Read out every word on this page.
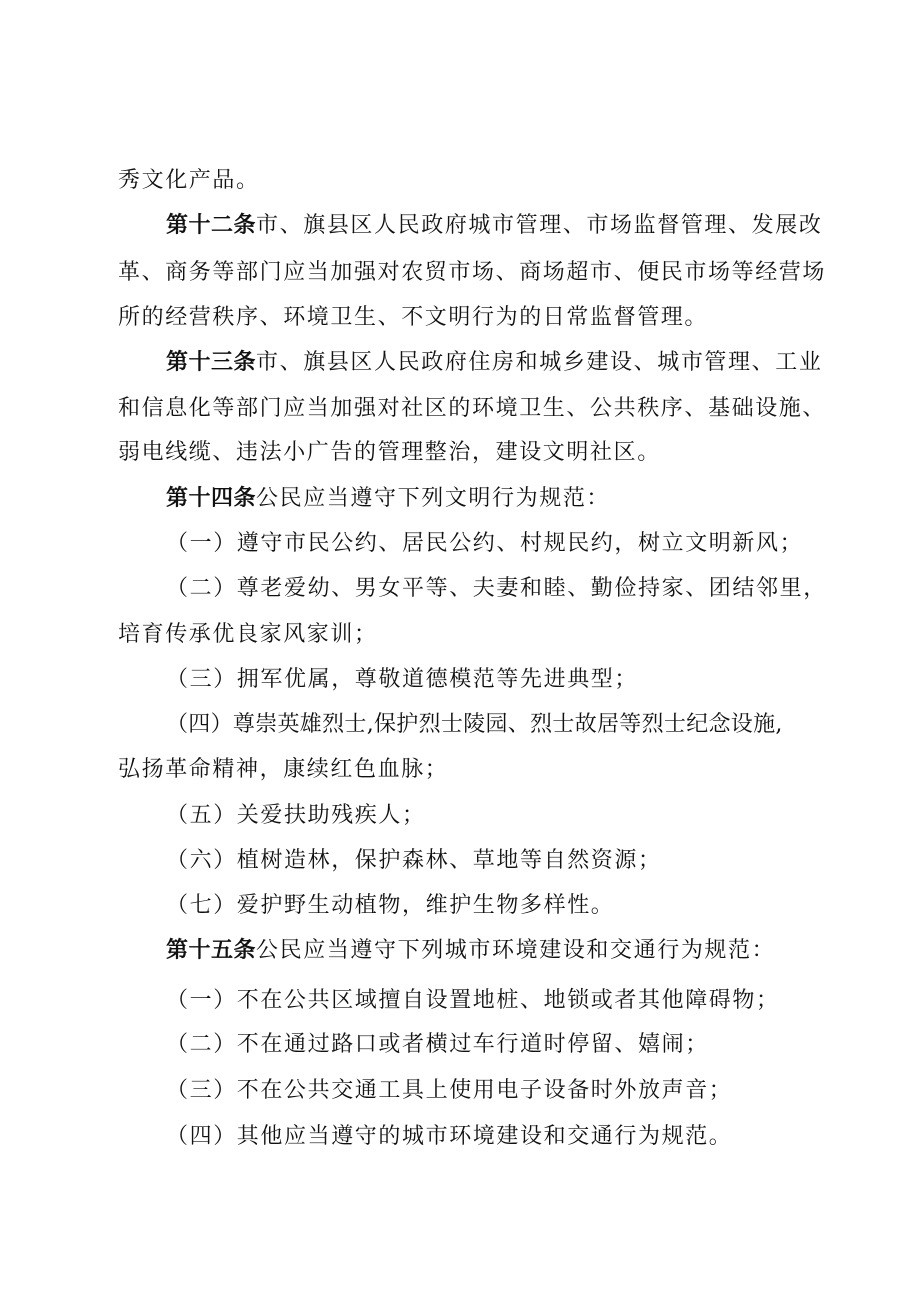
秀文化产品。
第十二条市、旗县区人民政府城市管理、市场监督管理、发展改
革、商务等部门应当加强对农贸市场、商场超市、便民市场等经营场
所的经营秩序、环境卫生、不文明行为的日常监督管理。
第十三条市、旗县区人民政府住房和城乡建设、城市管理、工业
和信息化等部门应当加强对社区的环境卫生、公共秩序、基础设施、
弱电线缆、违法小广告的管理整治，建设文明社区。
第十四条公民应当遵守下列文明行为规范：
（一）遵守市民公约、居民公约、村规民约，树立文明新风；
（二）尊老爱幼、男女平等、夫妻和睦、勤俭持家、团结邻里，
培育传承优良家风家训；
（三）拥军优属，尊敬道德模范等先进典型；
（四）尊崇英雄烈士,保护烈士陵园、烈士故居等烈士纪念设施,
弘扬革命精神，康续红色血脉；
（五）关爱扶助残疾人；
（六）植树造林，保护森林、草地等自然资源；
（七）爱护野生动植物，维护生物多样性。
第十五条公民应当遵守下列城市环境建设和交通行为规范：
（一）不在公共区域擅自设置地桩、地锁或者其他障碍物；
（二）不在通过路口或者横过车行道时停留、嬉闹；
（三）不在公共交通工具上使用电子设备时外放声音；
（四）其他应当遵守的城市环境建设和交通行为规范。
